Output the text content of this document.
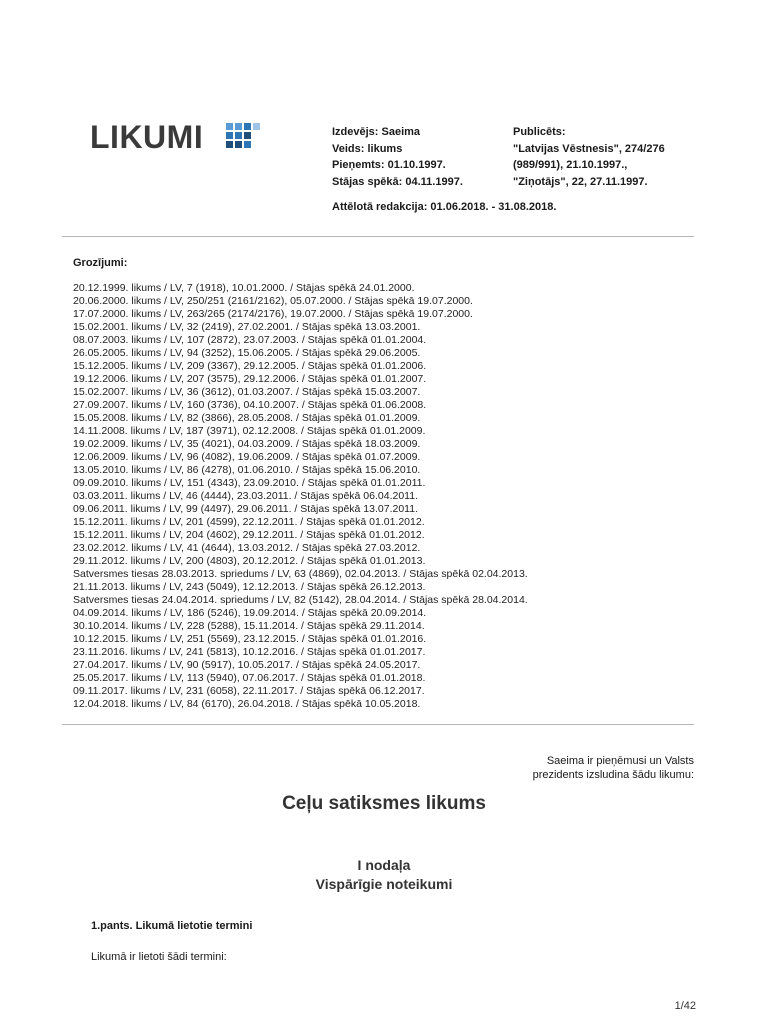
LIKUMI	Izdevējs: Saeima
Veids: likums
Pieņemts: 01.10.1997.
Stājas spēkā: 04.11.1997.
Publicēts:
"Latvijas Vēstnesis", 274/276
(989/991), 21.10.1997.,
"Ziņotājs", 22, 27.11.1997.
Attēlotā redakcija: 01.06.2018. - 31.08.2018.
Grozījumi:
20.12.1999. likums / LV, 7 (1918), 10.01.2000. / Stājas spēkā 24.01.2000.
20.06.2000. likums / LV, 250/251 (2161/2162), 05.07.2000. / Stājas spēkā 19.07.2000.
17.07.2000. likums / LV, 263/265 (2174/2176), 19.07.2000. / Stājas spēkā 19.07.2000.
15.02.2001. likums / LV, 32 (2419), 27.02.2001. / Stājas spēkā 13.03.2001.
08.07.2003. likums / LV, 107 (2872), 23.07.2003. / Stājas spēkā 01.01.2004.
26.05.2005. likums / LV, 94 (3252), 15.06.2005. / Stājas spēkā 29.06.2005.
15.12.2005. likums / LV, 209 (3367), 29.12.2005. / Stājas spēkā 01.01.2006.
19.12.2006. likums / LV, 207 (3575), 29.12.2006. / Stājas spēkā 01.01.2007.
15.02.2007. likums / LV, 36 (3612), 01.03.2007. / Stājas spēkā 15.03.2007.
27.09.2007. likums / LV, 160 (3736), 04.10.2007. / Stājas spēkā 01.06.2008.
15.05.2008. likums / LV, 82 (3866), 28.05.2008. / Stājas spēkā 01.01.2009.
14.11.2008. likums / LV, 187 (3971), 02.12.2008. / Stājas spēkā 01.01.2009.
19.02.2009. likums / LV, 35 (4021), 04.03.2009. / Stājas spēkā 18.03.2009.
12.06.2009. likums / LV, 96 (4082), 19.06.2009. / Stājas spēkā 01.07.2009.
13.05.2010. likums / LV, 86 (4278), 01.06.2010. / Stājas spēkā 15.06.2010.
09.09.2010. likums / LV, 151 (4343), 23.09.2010. / Stājas spēkā 01.01.2011.
03.03.2011. likums / LV, 46 (4444), 23.03.2011. / Stājas spēkā 06.04.2011.
09.06.2011. likums / LV, 99 (4497), 29.06.2011. / Stājas spēkā 13.07.2011.
15.12.2011. likums / LV, 201 (4599), 22.12.2011. / Stājas spēkā 01.01.2012.
15.12.2011. likums / LV, 204 (4602), 29.12.2011. / Stājas spēkā 01.01.2012.
23.02.2012. likums / LV, 41 (4644), 13.03.2012. / Stājas spēkā 27.03.2012.
29.11.2012. likums / LV, 200 (4803), 20.12.2012. / Stājas spēkā 01.01.2013.
Satversmes tiesas 28.03.2013. spriedums / LV, 63 (4869), 02.04.2013. / Stājas spēkā 02.04.2013.
21.11.2013. likums / LV, 243 (5049), 12.12.2013. / Stājas spēkā 26.12.2013.
Satversmes tiesas 24.04.2014. spriedums / LV, 82 (5142), 28.04.2014. / Stājas spēkā 28.04.2014.
04.09.2014. likums / LV, 186 (5246), 19.09.2014. / Stājas spēkā 20.09.2014.
30.10.2014. likums / LV, 228 (5288), 15.11.2014. / Stājas spēkā 29.11.2014.
10.12.2015. likums / LV, 251 (5569), 23.12.2015. / Stājas spēkā 01.01.2016.
23.11.2016. likums / LV, 241 (5813), 10.12.2016. / Stājas spēkā 01.01.2017.
27.04.2017. likums / LV, 90 (5917), 10.05.2017. / Stājas spēkā 24.05.2017.
25.05.2017. likums / LV, 113 (5940), 07.06.2017. / Stājas spēkā 01.01.2018.
09.11.2017. likums / LV, 231 (6058), 22.11.2017. / Stājas spēkā 06.12.2017.
12.04.2018. likums / LV, 84 (6170), 26.04.2018. / Stājas spēkā 10.05.2018.
Saeima ir pieņēmusi un Valsts
prezidents izsludina šādu likumu:
Ceļu satiksmes likums
I nodaļa
Vispārīgie noteikumi
1.pants. Likumā lietotie termini
Likumā ir lietoti šādi termini:
1/42
